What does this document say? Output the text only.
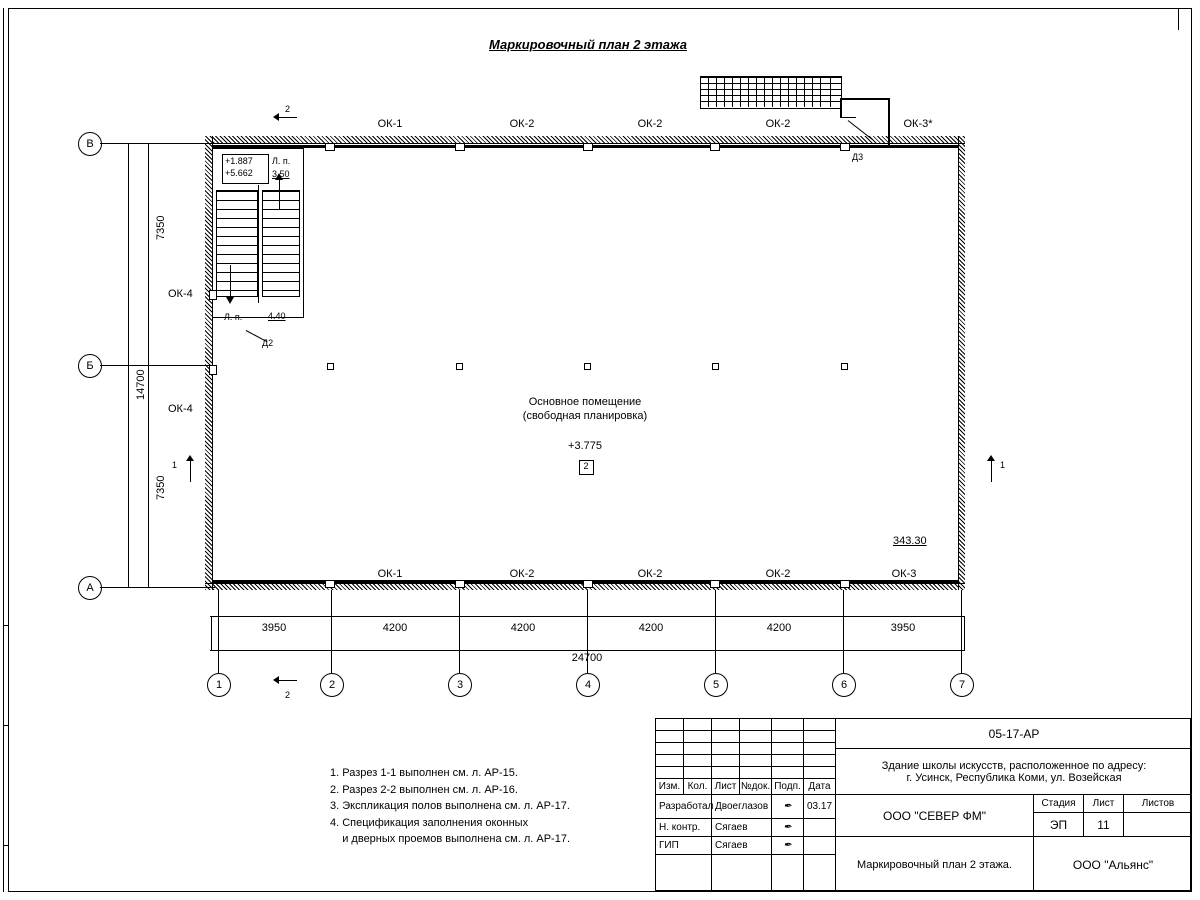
Маркировочный план 2 этажа
+1.887
+5.662
Л. п.
3.50
Л. п.	4.40
Д2
Д3
ОК-1	ОК-2	ОК-2	ОК-2	ОК-3*
ОК-1	ОК-2	ОК-2	ОК-2	ОК-3
ОК-4
ОК-4
Основное помещение
(свободная планировка)
+3.775
2
343.30
2
2
1	1
В
Б
А
7350
7350
14700
1	2	3	4	5	6	7
3950	4200	4200	4200	4200	3950
24700
1. Разрез 1-1 выполнен см. л. АР-15.
2. Разрез 2-2 выполнен см. л. АР-16.
3. Экспликация полов выполнена см. л. АР-17.
4. Спецификация заполнения оконных
и дверных проемов выполнена см. л. АР-17.
Изм. Кол. Лист №док. Подп. Дата
Разработал Двоеглазов	✒	03.17
Н. контр.	Сягаев	✒
ГИП	Сягаев	✒
05-17-АР
Здание школы искусств, расположенное по адресу:
г. Усинск, Республика Коми, ул. Возейская
ООО "СЕВЕР ФМ"
Стадия	Лист	Листов
ЭП	11
Маркировочный план 2 этажа.	ООО "Альянс"
